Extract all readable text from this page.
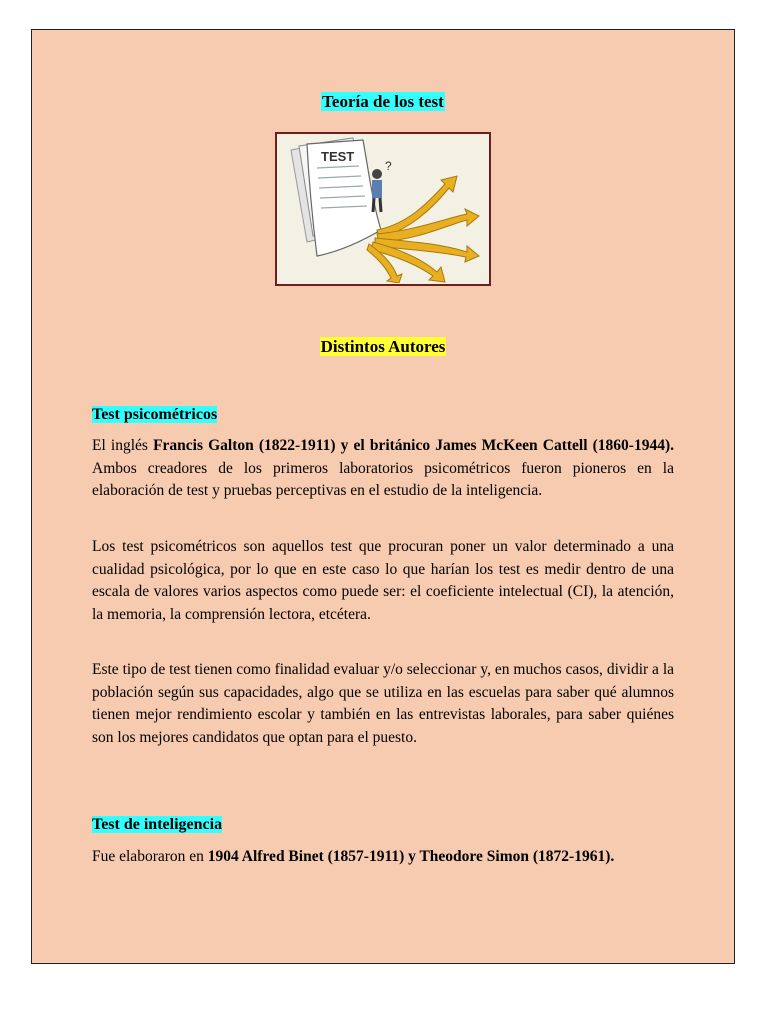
Teoría de los test
TEST
?
Distintos Autores
Test psicométricos

El inglés Francis Galton (1822-1911) y el británico James McKeen Cattell (1860-1944). Ambos creadores de los primeros laboratorios psicométricos fueron pioneros en la elaboración de test y pruebas perceptivas en el estudio de la inteligencia.

Los test psicométricos son aquellos test que procuran poner un valor determinado a una cualidad psicológica, por lo que en este caso lo que harían los test es medir dentro de una escala de valores varios aspectos como puede ser: el coeficiente intelectual (CI), la atención, la memoria, la comprensión lectora, etcétera.

Este tipo de test tienen como finalidad evaluar y/o seleccionar y, en muchos casos, dividir a la población según sus capacidades, algo que se utiliza en las escuelas para saber qué alumnos tienen mejor rendimiento escolar y también en las entrevistas laborales, para saber quiénes son los mejores candidatos que optan para el puesto.

Test de inteligencia

Fue elaboraron en 1904 Alfred Binet (1857-1911) y Theodore Simon (1872-1961).
